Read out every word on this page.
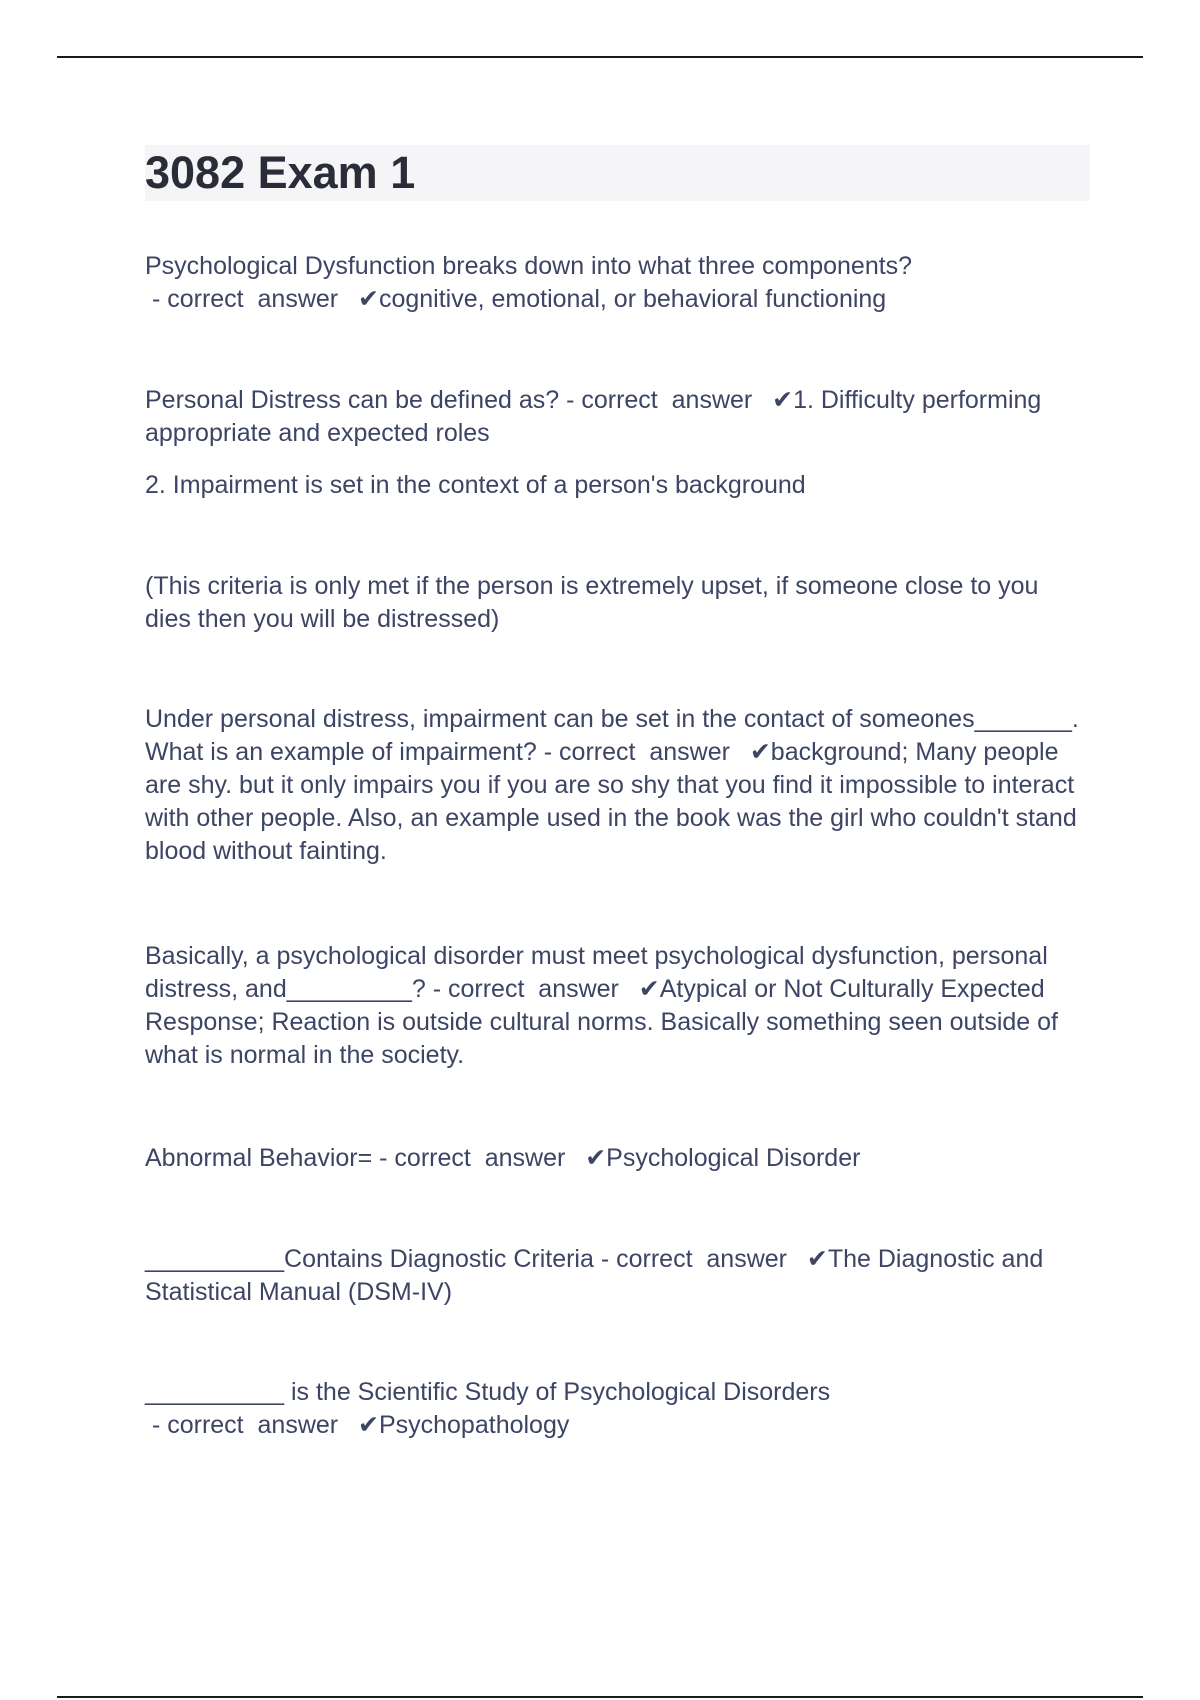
3082 Exam 1

Psychological Dysfunction breaks down into what three components? - correct  answer  ✔cognitive, emotional, or behavioral functioning

Personal Distress can be defined as? - correct  answer  ✔1. Difficulty performing appropriate and expected roles

2. Impairment is set in the context of a person's background

(This criteria is only met if the person is extremely upset, if someone close to you dies then you will be distressed)

Under personal distress, impairment can be set in the contact of someones_______. What is an example of impairment? - correct  answer  ✔background; Many people are shy. but it only impairs you if you are so shy that you find it impossible to interact with other people. Also, an example used in the book was the girl who couldn't stand blood without fainting.

Basically, a psychological disorder must meet psychological dysfunction, personal distress, and_________? - correct  answer  ✔Atypical or Not Culturally Expected Response; Reaction is outside cultural norms. Basically something seen outside of what is normal in the society.

Abnormal Behavior= - correct  answer  ✔Psychological Disorder

__________Contains Diagnostic Criteria - correct  answer  ✔The Diagnostic and Statistical Manual (DSM-IV)

__________ is the Scientific Study of Psychological Disorders - correct  answer  ✔Psychopathology
